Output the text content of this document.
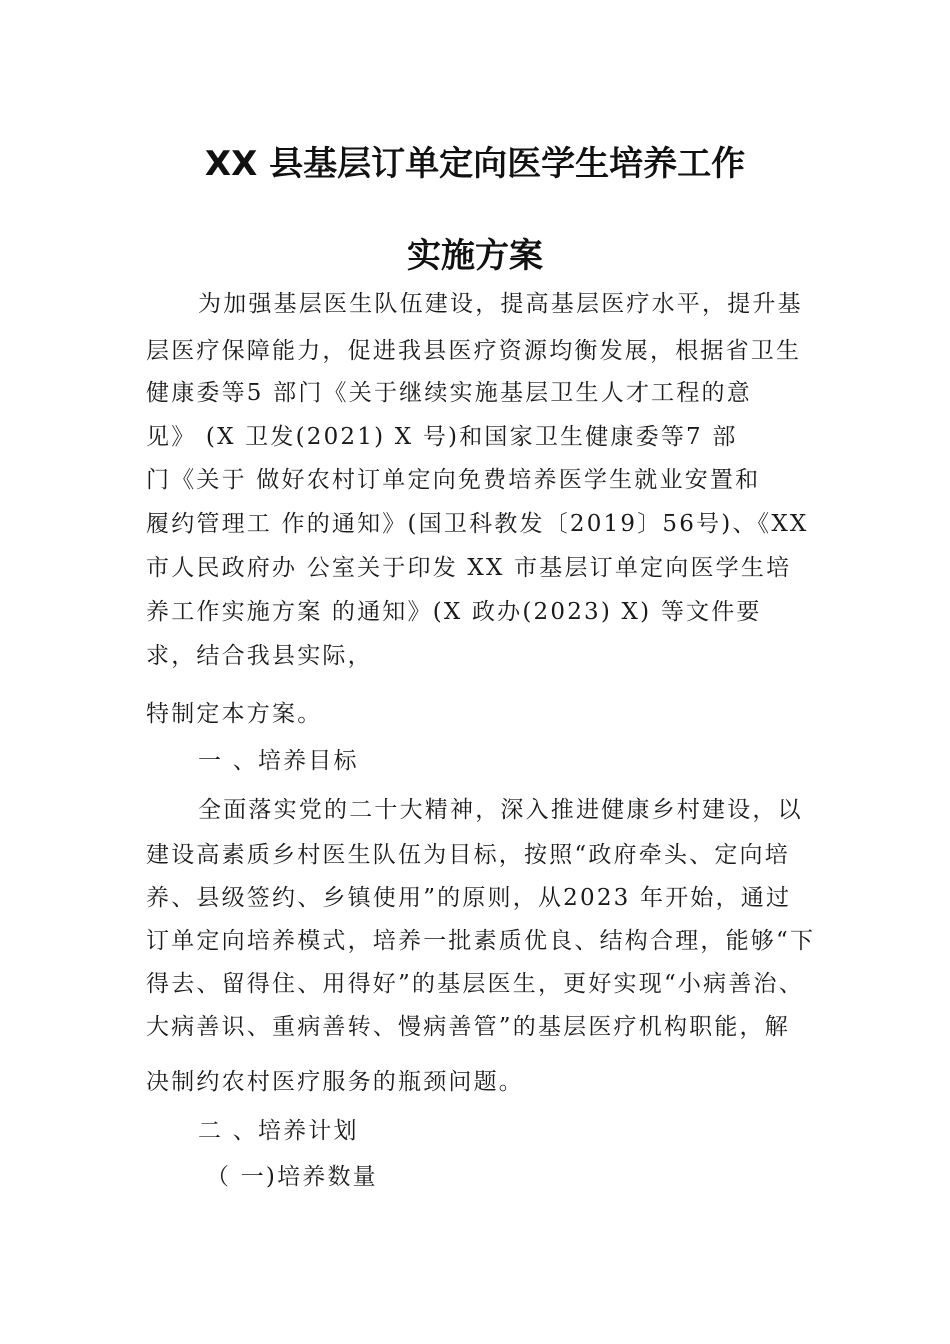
XX 县基层订单定向医学生培养工作
实施方案
为加强基层医生队伍建设，提高基层医疗水平，提升基
层医疗保障能力，促进我县医疗资源均衡发展，根据省卫生
健康委等5 部门《关于继续实施基层卫生人才工程的意
见》 (X 卫发(2021) X 号)和国家卫生健康委等7 部
门《关于 做好农村订单定向免费培养医学生就业安置和
履约管理工 作的通知》(国卫科教发〔2019〕56号)、《XX
市人民政府办 公室关于印发 XX 市基层订单定向医学生培
养工作实施方案 的通知》(X 政办(2023) X) 等文件要
求，结合我县实际，
特制定本方案。
一 、培养目标
全面落实党的二十大精神，深入推进健康乡村建设，以
建设高素质乡村医生队伍为目标，按照“政府牵头、定向培
养、县级签约、乡镇使用”的原则，从2023 年开始，通过
订单定向培养模式，培养一批素质优良、结构合理，能够“下
得去、留得住、用得好”的基层医生，更好实现“小病善治、
大病善识、重病善转、慢病善管”的基层医疗机构职能，解
决制约农村医疗服务的瓶颈问题。
二 、培养计划
（ 一)培养数量
